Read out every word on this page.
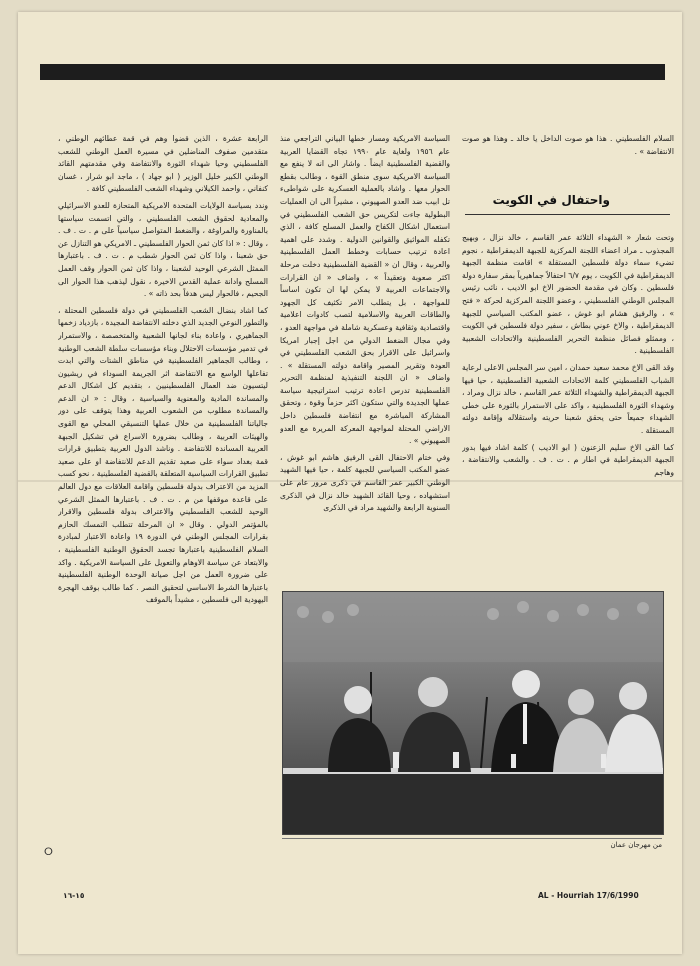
السلام الفلسطيني . هذا هو صوت الداخل يا خالد ـ وهذا هو صوت الانتفاضة » .

واحتفال في الكويت

وتحت شعار « الشهداء الثلاثة عمر القاسم ، خالد نزال ، وبهيج المجذوب ـ مراد اعضاء اللجنة المركزية للجبهة الديمقراطية ، نجوم تضيء سماء دولة فلسطين المستقلة » اقامت منظمة الجبهة الديمقراطية في الكويت ، يوم ٦/٧ احتفالاً جماهيرياً بمقر سفارة دولة فلسطين . وكان في مقدمة الحضور الاخ ابو الاديب ، نائب رئيس المجلس الوطني الفلسطيني ، وعضو اللجنة المركزية لحركة « فتح » ، والرفيق هشام ابو غوش ، عضو المكتب السياسي للجبهة الديمقراطية ، والاخ عوني بطاش ، سفير دولة فلسطين في الكويت ، وممثلو فصائل منظمة التحرير الفلسطينية والاتحادات الشعبية الفلسطينية .

وقد القى الاخ محمد سعيد حمدان ، امين سر المجلس الاعلى لرعاية الشباب الفلسطيني كلمة الاتحادات الشعبية الفلسطينية ، حيا فيها الجبهة الديمقراطية والشهداء الثلاثة عمر القاسم ، خالد نزال ومراد ، وشهداء الثورة الفلسطينية ، واكد على الاستمرار بالثورة على خطى الشهداء جميعاً حتى يحقق شعبنا حريته واستقلاله وإقامة دولته المستقلة .

كما القى الاخ سليم الزعنون ( ابو الاديب ) كلمة اشاد فيها بدور الجبهة الديمقراطية في اطار م . ت . ف . والشعب والانتفاضة ، وهاجم

السياسة الامريكية ومسار خطها البياني التراجعي منذ عام ١٩٥٦ ولغاية عام ١٩٩٠ تجاه القضايا العربية والقضية الفلسطينية ايضاً . واشار الى انه لا ينفع مع السياسة الامريكية سوى منطق القوة ، وطالب بقطع الحوار معها . واشاد بالعملية العسكرية على شواطىء تل ابيب ضد العدو الصهيوني ، مشيراً الى ان العمليات البطولية جاءت لتكريس حق الشعب الفلسطيني في استعمال اشكال الكفاح والعمل المسلح كافة ، الذي تكفله المواثيق والقوانين الدولية . وشدد على اهمية اعادة ترتيب حسابات وخطط العمل الفلسطينية والعربية ، وقال ان « القضية الفلسطينية دخلت مرحلة اكثر صعوبة وتعقيداً » ، واضاف « ان القرارات والاجتماعات العربية لا يمكن لها ان تكون اساساً للمواجهة ، بل يتطلب الامر تكثيف كل الجهود والطاقات العربية والاسلامية لتصب كادوات اعلامية واقتصادية وثقافية وعسكرية شاملة في مواجهة العدو ، وفي مجال الضغط الدولي من اجل إجبار امريكا واسرائيل على الاقرار بحق الشعب الفلسطيني في العودة وتقرير المصير واقامة دولته المستقلة » . واضاف « ان اللجنة التنفيذية لمنظمة التحرير الفلسطينية تدرس اعادة ترتيب استراتيجية سياسة عملها الجديدة والتي ستكون اكثر حزماً وقوة ، وتحقق المشاركة المباشرة مع انتفاضة فلسطين داخل الاراضي المحتلة لمواجهة المعركة المريرة مع العدو الصهيوني » .

وفي ختام الاحتفال القى الرفيق هاشم ابو غوش ، عضو المكتب السياسي للجبهة كلمة ، حيا فيها الشهيد الوطني الكبير عمر القاسم في ذكرى مرور عام على استشهاده ، وحيا القائد الشهيد خالد نزال في الذكرى السنوية الرابعة والشهيد مراد في الذكرى

الرابعة عشرة ، الذين قضوا وهم في قمة عطائهم الوطني ، متقدمين صفوف المناضلين في مسيرة العمل الوطني للشعب الفلسطيني وحيا شهداء الثورة والانتفاضة وفي مقدمتهم القائد الوطني الكبير خليل الوزير ( ابو جهاد ) ، ماجد ابو شرار ، غسان كنفاني ، واحمد الكيلاني وشهداء الشعب الفلسطيني كافة .

وندد بسياسة الولايات المتحدة الامريكية المتحازة للعدو الاسرائيلي والمعادية لحقوق الشعب الفلسطيني ، والتي اتسمت سياستها بالمناورة والمراوغة ، والضغط المتواصل سياسياً على م . ت . ف . ، وقال : « اذا كان ثمن الحوار الفلسطيني ـ الامريكي هو التنازل عن حق شعبنا ، واذا كان ثمن الحوار شطب م . ت . ف . باعتبارها الممثل الشرعي الوحيد لشعبنا ، واذا كان ثمن الحوار وقف العمل المسلح وادانة عملية القدس الاخيرة ، نقول ليذهب هذا الحوار الى الجحيم ، فالحوار ليس هدفاً بحد ذاته » .

كما اشاد بنضال الشعب الفلسطيني في دولة فلسطين المحتلة ، والتطور النوعي الجديد الذي دخلته الانتفاضة المجيدة ، بازدياد زخمها الجماهيري ، واعادة بناء لجانها الشعبية والمتخصصة ، والاستمرار في تدمير مؤسسات الاحتلال وبناء مؤسسات سلطة الشعب الوطنية ، وطالب الجماهير الفلسطينية في مناطق الشتات والتي ابدت تفاعلها الواسع مع الانتفاضة اثر الجريمة السوداء في ريشيون ليتسيون ضد العمال الفلسطينيين ، بتقديم كل اشكال الدعم والمساندة المادية والمعنوية والسياسية ، وقال : « ان الدعم والمساندة مطلوب من الشعوب العربية وهذا يتوقف على دور جالياتنا الفلسطينية من خلال عملها التنسيقي المحلي مع القوى والهيئات العربية ، وطالب بضرورة الاسراع في تشكيل الجبهة العربية المساندة للانتفاضة . وناشد الدول العربية بتطبيق قرارات قمة بغداد سواء على صعيد تقديم الدعم للانتفاضة او على صعيد تطبيق القرارات السياسية المتعلقة بالقضية الفلسطينية ، نحو كسب المزيد من الاعتراف بدولة فلسطين واقامة العلاقات مع دول العالم على قاعدة موقفها من م . ت . ف . باعتبارها الممثل الشرعي الوحيد للشعب الفلسطيني والاعتراف بدولة فلسطين والاقرار بالمؤتمر الدولي . وقال « ان المرحلة تتطلب التمسك الحازم بقرارات المجلس الوطني في الدورة ١٩ واعادة الاعتبار لمبادرة السلام الفلسطينية باعتبارها تجسد الحقوق الوطنية الفلسطينية ، والابتعاد عن سياسة الاوهام والتعويل على السياسة الامريكية . واكد على ضرورة العمل من اجل صيانة الوحدة الوطنية الفلسطينية باعتبارها الشرط الاساسي لتحقيق النصر . كما طالب بوقف الهجرة اليهودية الى فلسطين ، مشيداً بالموقف

من مهرجان عمان
ⵔ
AL - Hourriah 17/6/1990
١٥-١٦
